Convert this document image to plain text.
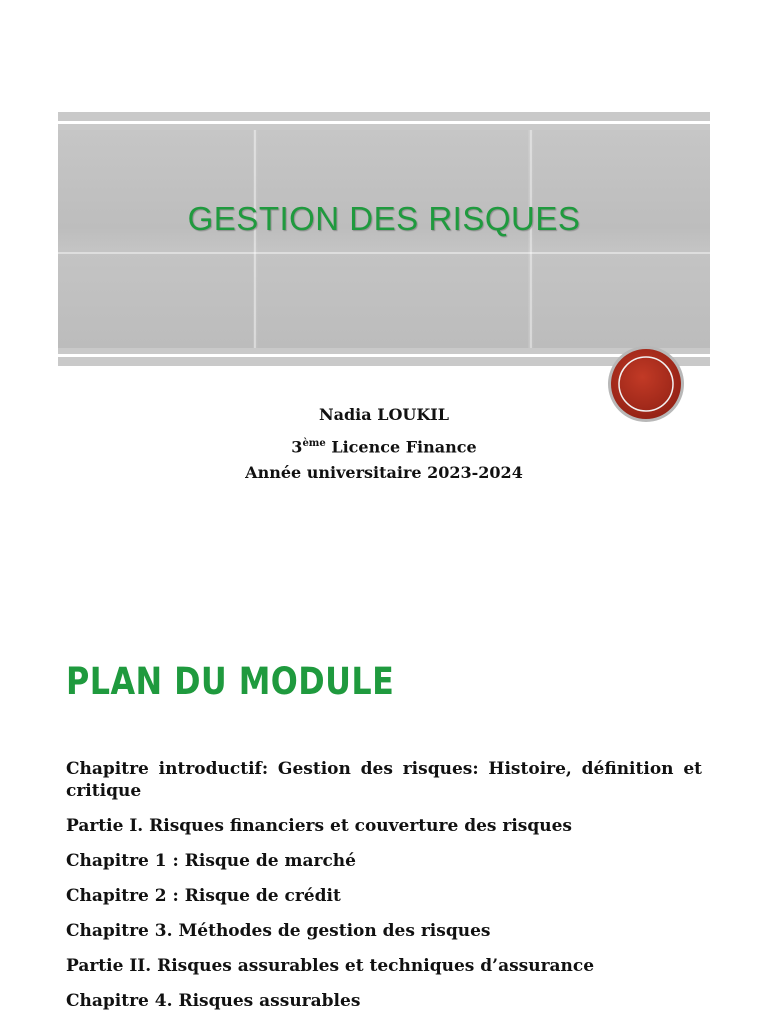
GESTION DES RISQUES
Nadia LOUKIL
3ème Licence Finance
Année universitaire 2023-2024
PLAN DU MODULE
Chapitre introductif: Gestion des risques: Histoire, définition et critique
Partie I. Risques financiers et couverture des risques
Chapitre 1 : Risque de marché
Chapitre 2 : Risque de crédit
Chapitre 3. Méthodes de gestion des risques
Partie II. Risques assurables et techniques d’assurance
Chapitre 4. Risques assurables
